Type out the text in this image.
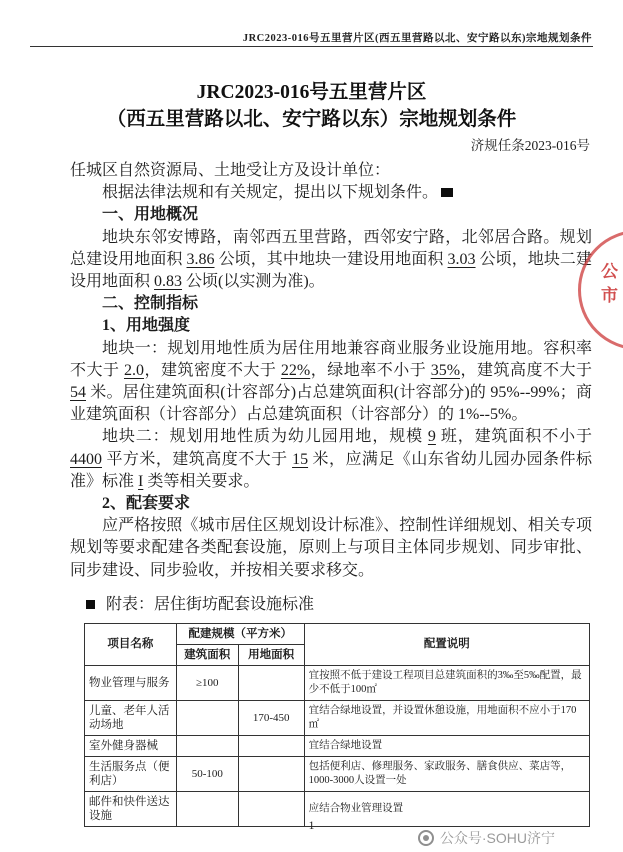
JRC2023-016号五里营片区(西五里营路以北、安宁路以东)宗地规划条件
JRC2023-016号五里营片区
（西五里营路以北、安宁路以东）宗地规划条件
济规任条2023-016号

任城区自然资源局、土地受让方及设计单位：

根据法律法规和有关规定，提出以下规划条件。

一、用地概况

地块东邻安博路，南邻西五里营路，西邻安宁路，北邻居合路。规划总建设用地面积 3.86 公顷，其中地块一建设用地面积 3.03 公顷，地块二建设用地面积 0.83 公顷(以实测为准)。

二、控制指标

1、用地强度

地块一：规划用地性质为居住用地兼容商业服务业设施用地。容积率不大于 2.0，建筑密度不大于 22%，绿地率不小于 35%，建筑高度不大于 54 米。居住建筑面积(计容部分)占总建筑面积(计容部分)的 95%--99%；商业建筑面积（计容部分）占总建筑面积（计容部分）的 1%--5%。

地块二：规划用地性质为幼儿园用地，规模 9 班，建筑面积不小于 4400 平方米，建筑高度不大于 15 米，应满足《山东省幼儿园办园条件标准》标准 I 类等相关要求。

2、配套要求

应严格按照《城市居住区规划设计标准》、控制性详细规划、相关专项规划等要求配建各类配套设施，原则上与项目主体同步规划、同步审批、同步建设、同步验收，并按相关要求移交。

附表：居住街坊配套设施标准

项目名称	配建规模（平方米）		配置说明
	建筑面积	用地面积	
物业管理与服务	≥100		宜按照不低于建设工程项目总建筑面积的3‰至5‰配置，最少不低于100㎡
儿童、老年人活动场地		170-450	宜结合绿地设置，并设置休憩设施，用地面积不应小于170㎡
室外健身器械			宜结合绿地设置
生活服务点（便利店）	50-100		包括便利店、修理服务、家政服务、膳食供应、菜店等，1000-3000人设置一处
邮件和快件送达设施			应结合物业管理设置
公市
1
公众号·SOHU济宁
